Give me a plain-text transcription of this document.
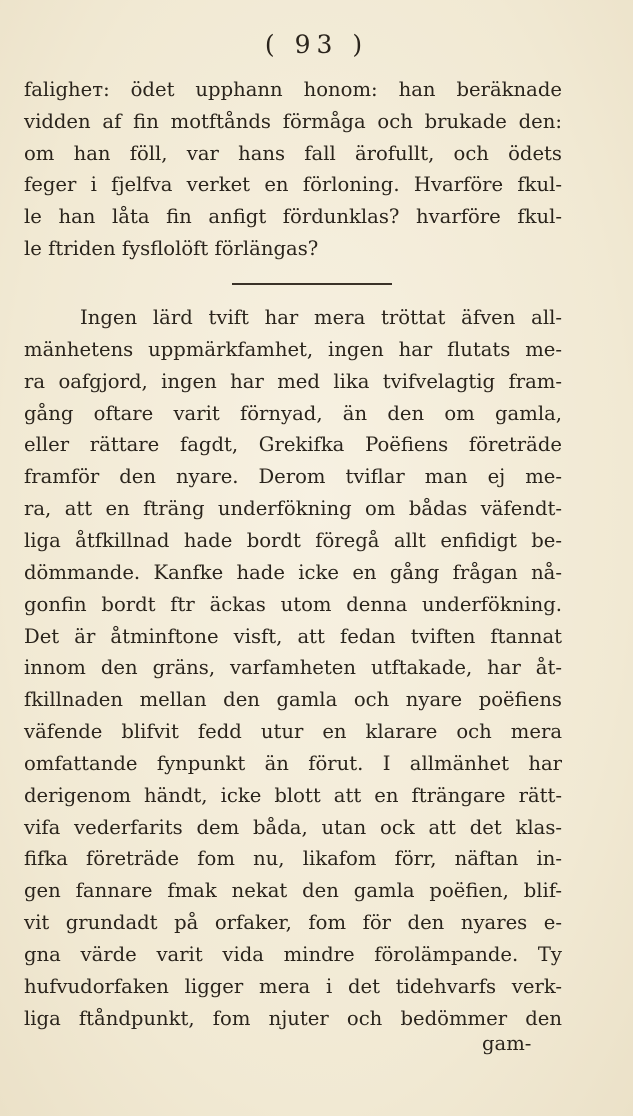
( 93 )
faligheт: ödet upphann honom: han beräknade
vidden af fin motftånds förmåga och brukade den:
om han föll, var hans fall ärofullt, och ödets
feger i fjelfva verket en förloning. Hvarföre fkul-
le han låta fin anfigt fördunklas? hvarföre fkul-
le ftriden fysflolöft förlängas?
Ingen lärd tvift har mera tröttat äfven all-
mänhetens uppmärkfamhet, ingen har flutats me-
ra oafgjord, ingen har med lika tvifvelagtig fram-
gång oftare varit förnyad, än den om gamla,
eller rättare fagdt, Grekifka Poëfiens företräde
framför den nyare. Derom tviflar man ej me-
ra, att en fträng underfökning om bådas väfendt-
liga åtfkillnad hade bordt föregå allt enfidigt be-
dömmande. Kanfke hade icke en gång frågan nå-
gonfin bordt ftr äckas utom denna underfökning.
Det är åtminftone visft, att fedan tviften ftannat
innom den gräns, varfamheten utftakade, har åt-
fkillnaden mellan den gamla och nyare poëfiens
väfende blifvit fedd utur en klarare och mera
omfattande fynpunkt än förut. I allmänhet har
derigenom händt, icke blott att en fträngare rätt-
vifa vederfarits dem båda, utan ock att det klas-
fifka företräde fom nu, likafom förr, näftan in-
gen fannare fmak nekat den gamla poëfien, blif-
vit grundadt på orfaker, fom för den nyares e-
gna värde varit vida mindre förolämpande. Ty
hufvudorfaken ligger mera i det tidehvarfs verk-
liga ftåndpunkt, fom njuter och bedömmer den
gam-
